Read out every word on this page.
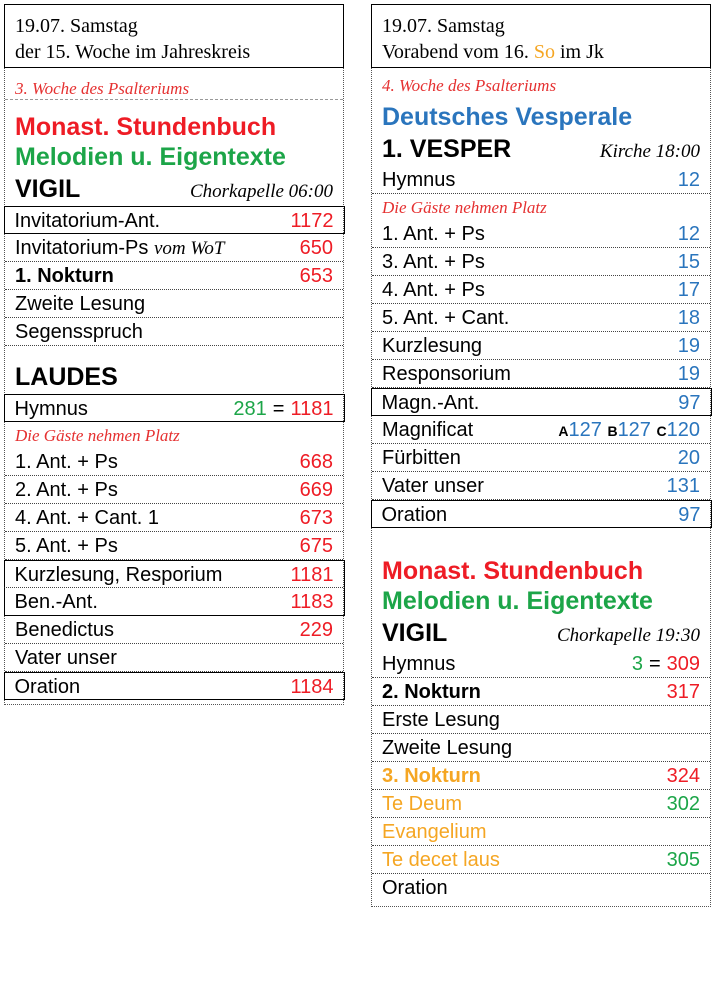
19.07. Samstag
der 15. Woche im Jahreskreis
3. Woche des Psalteriums
Monast. Stundenbuch
Melodien u. Eigentexte
VIGIL	Chorkapelle 06:00
Invitatorium-Ant.	1172
Invitatorium-Ps vom WoT	650
1. Nokturn	653
Zweite Lesung
Segensspruch
LAUDES
Hymnus	281 = 1181
Die Gäste nehmen Platz
1. Ant. + Ps	668
2. Ant. + Ps	669
4. Ant. + Cant. 1	673
5. Ant. + Ps	675
Kurzlesung, Resporium	1181
Ben.-Ant.	1183
Benedictus	229
Vater unser
Oration	1184
19.07. Samstag
Vorabend vom 16. So im Jk
4. Woche des Psalteriums
Deutsches Vesperale
1. VESPER	Kirche 18:00
Hymnus	12
Die Gäste nehmen Platz
1. Ant. + Ps	12
3. Ant. + Ps	15
4. Ant. + Ps	17
5. Ant. + Cant.	18
Kurzlesung	19
Responsorium	19
Magn.-Ant.	97
Magnificat	A127 B127 C120
Fürbitten	20
Vater unser	131
Oration	97
Monast. Stundenbuch
Melodien u. Eigentexte
VIGIL	Chorkapelle 19:30
Hymnus	3 = 309
2. Nokturn	317
Erste Lesung
Zweite Lesung
3. Nokturn	324
Te Deum	302
Evangelium
Te decet laus	305
Oration
